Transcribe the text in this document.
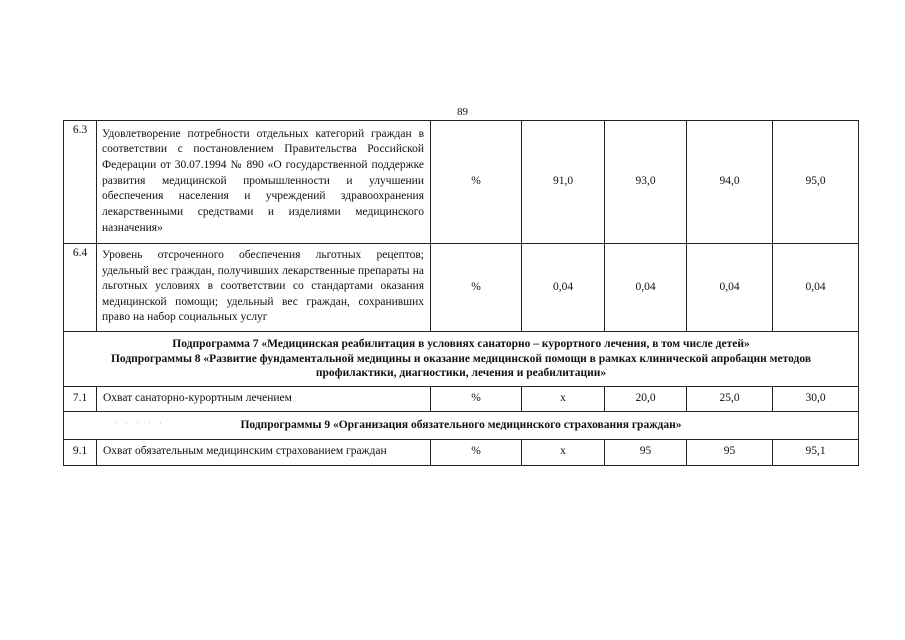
89
6.3	Удовлетворение потребности отдельных категорий граждан в соответствии с постановлением Правительства Российской Федерации от 30.07.1994 № 890 «О государственной поддержке развития медицинской промышленности и улучшении обеспечения населения и учреждений здравоохранения лекарственными средствами и изделиями медицинского назначения»	%	91,0	93,0	94,0	95,0
6.4	Уровень отсроченного обеспечения льготных рецептов; удельный вес граждан, получивших лекарственные препараты на льготных условиях в соответствии со стандартами оказания медицинской помощи; удельный вес граждан, сохранивших право на набор социальных услуг	%	0,04	0,04	0,04	0,04

Подпрограмма 7 «Медицинская реабилитация в условиях санаторно – курортного лечения, в том числе детей»
Подпрограммы 8 «Развитие фундаментальной медицины и оказание медицинской помощи в рамках клинической апробации методов профилактики, диагностики, лечения и реабилитации»						

7.1	Охват санаторно-курортным лечением	%	х	20,0	25,0	30,0

· · · · · Подпрограммы 9 «Организация обязательного медицинского страхования граждан»						

9.1	Охват обязательным медицинским страхованием граждан	%	х	95	95	95,1
